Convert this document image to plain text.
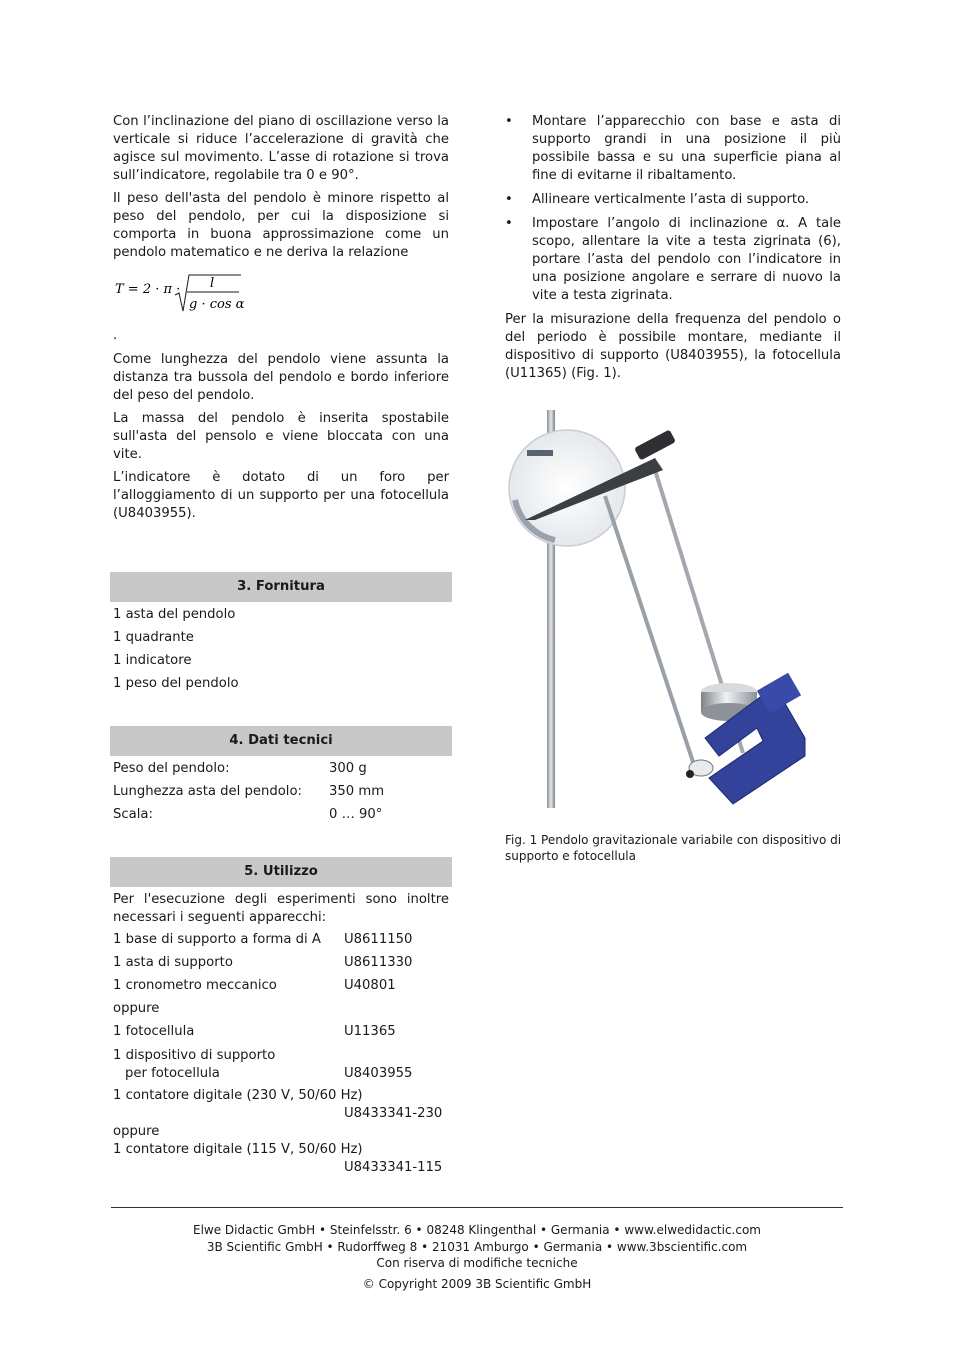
Con l’inclinazione del piano di oscillazione verso la verticale si riduce l’accelerazione di gravità che agisce sul movimento. L’asse di rotazione si trova sull’indicatore, regolabile tra 0 e 90°.

Il peso dell'asta del pendolo è minore rispetto al peso del pendolo, per cui la disposizione si comporta in buona approssimazione come un pendolo matematico e ne deriva la relazione

T = 2 · π · l
g · cos α

.

Come lunghezza del pendolo viene assunta la distanza tra bussola del pendolo e bordo inferiore del peso del pendolo.

La massa del pendolo è inserita spostabile sull'asta del pensolo e viene bloccata con una vite.

L’indicatore è dotato di un foro per l’alloggiamento di un supporto per una fotocellula (U8403955).

3. Fornitura
1 asta del pendolo
1 quadrante
1 indicatore
1 peso del pendolo
4. Dati tecnici
Peso del pendolo:	300 g
Lunghezza asta del pendolo:	350 mm
Scala:	0 … 90°
5. Utilizzo

Per l'esecuzione degli esperimenti sono inoltre necessari i seguenti apparecchi:

1 base di supporto a forma di A	U8611150
1 asta di supporto	U8611330
1 cronometro meccanico	U40801
oppure
1 fotocellula	U11365
1 dispositivo di supporto
per fotocellula	U8403955
1 contatore digitale (230 V, 50/60 Hz)
U8433341-230
oppure
1 contatore digitale (115 V, 50/60 Hz)
U8433341-115
• Montare l’apparecchio con base e asta di supporto grandi in una posizione il più possibile bassa e su una superficie piana al fine di evitarne il ribaltamento.
• Allineare verticalmente l’asta di supporto.
• Impostare l’angolo di inclinazione α. A tale scopo, allentare la vite a testa zigrinata (6), portare l’asta del pendolo con l’indicatore in una posizione angolare e serrare di nuovo la vite a testa zigrinata.

Per la misurazione della frequenza del pendolo o del periodo è possibile montare, mediante il dispositivo di supporto (U8403955), la fotocellula (U11365) (Fig. 1).

Fig. 1 Pendolo gravitazionale variabile con dispositivo di supporto e fotocellula

Elwe Didactic GmbH • Steinfelsstr. 6 • 08248 Klingenthal • Germania • www.elwedidactic.com
3B Scientific GmbH • Rudorffweg 8 • 21031 Amburgo • Germania • www.3bscientific.com
Con riserva di modifiche tecniche
© Copyright 2009 3B Scientific GmbH
